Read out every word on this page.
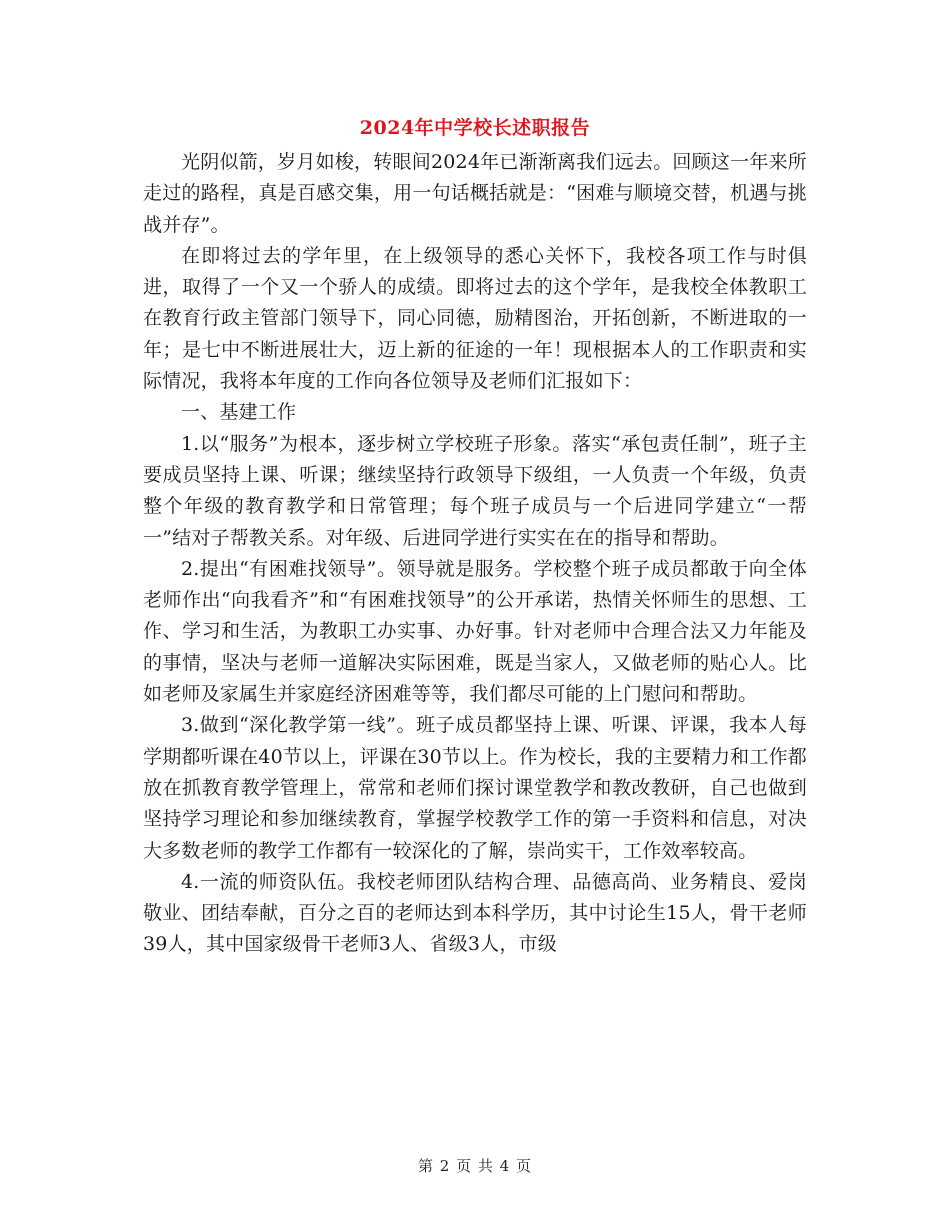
2024年中学校长述职报告

光阴似箭，岁月如梭，转眼间2024年已渐渐离我们远去。回顾这一年来所走过的路程，真是百感交集，用一句话概括就是：“困难与顺境交替，机遇与挑战并存”。

在即将过去的学年里，在上级领导的悉心关怀下，我校各项工作与时俱进，取得了一个又一个骄人的成绩。即将过去的这个学年，是我校全体教职工在教育行政主管部门领导下，同心同德，励精图治，开拓创新，不断进取的一年；是七中不断进展壮大，迈上新的征途的一年！现根据本人的工作职责和实际情况，我将本年度的工作向各位领导及老师们汇报如下：

一、基建工作

1.以“服务”为根本，逐步树立学校班子形象。落实“承包责任制”，班子主要成员坚持上课、听课；继续坚持行政领导下级组，一人负责一个年级，负责整个年级的教育教学和日常管理；每个班子成员与一个后进同学建立“一帮一”结对子帮教关系。对年级、后进同学进行实实在在的指导和帮助。

2.提出“有困难找领导”。领导就是服务。学校整个班子成员都敢于向全体老师作出“向我看齐”和“有困难找领导”的公开承诺，热情关怀师生的思想、工作、学习和生活，为教职工办实事、办好事。针对老师中合理合法又力年能及的事情，坚决与老师一道解决实际困难，既是当家人，又做老师的贴心人。比如老师及家属生并家庭经济困难等等，我们都尽可能的上门慰问和帮助。

3.做到“深化教学第一线”。班子成员都坚持上课、听课、评课，我本人每学期都听课在40节以上，评课在30节以上。作为校长，我的主要精力和工作都放在抓教育教学管理上，常常和老师们探讨课堂教学和教改教研，自己也做到坚持学习理论和参加继续教育，掌握学校教学工作的第一手资料和信息，对决大多数老师的教学工作都有一较深化的了解，崇尚实干，工作效率较高。

4.一流的师资队伍。我校老师团队结构合理、品德高尚、业务精良、爱岗敬业、团结奉献，百分之百的老师达到本科学历，其中讨论生15人，骨干老师39人，其中国家级骨干老师3人、省级3人，市级

第 2 页 共 4 页
